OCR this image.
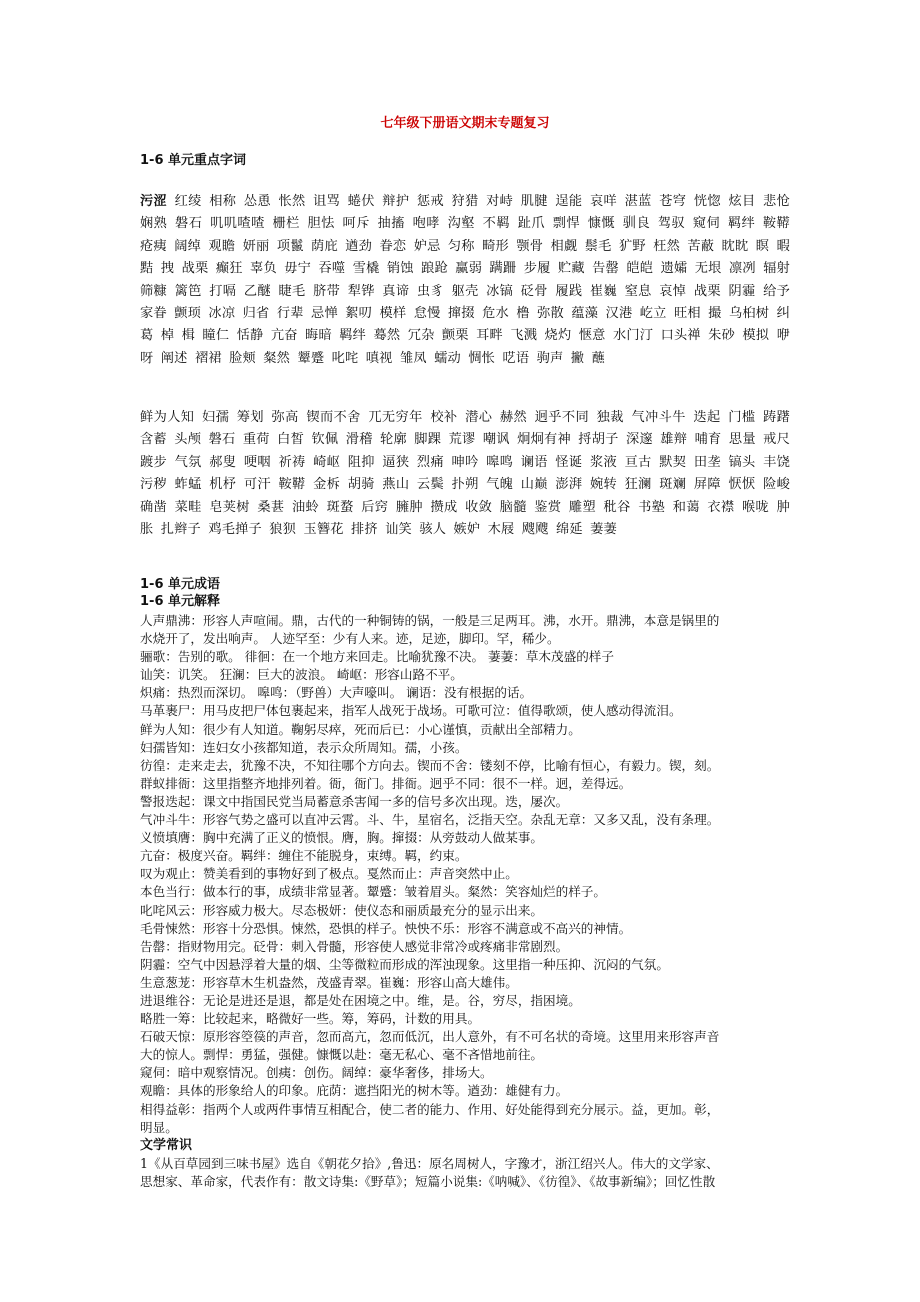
七年级下册语文期末专题复习
1-6 单元重点字词
污涩 红绫 相称 怂恿 怅然 诅骂 蜷伏 辩护 惩戒 狩猎 对峙 肌腱 逞能 哀咩 湛蓝 苍穹 恍惚 炫目 悲怆 娴熟 磐石 叽叽喳喳 栅栏 胆怯 呵斥 抽搐 咆哮 沟壑 不羁 趾爪 剽悍 慷慨 驯良 驾驭 窥伺 羁绊 鞍鞯 疮痍 阔绰 观瞻 妍丽 项鬣 荫庇 遒劲 眷恋 妒忌 匀称 畸形 颚骨 相觑 鬃毛 犷野 枉然 苦蔽 眈眈 瞑 暇 黠 拽 战栗 癫狂 辜负 毋宁 吞噬 雪橇 销蚀 踉跄 赢弱 蹒跚 步履 贮藏 告罄 皑皑 遗孀 无垠 凛冽 辐射 筛糠 篱笆 打嗝 乙醚 睫毛 脐带 犁铧 真谛 虫豸 躯壳 冰镐 砭骨 履践 崔巍 窒息 哀悼 战栗 阴霾 给予 家眷 颤顼 冰凉 归省 行辈 忌惮 絮叨 模样 怠慢 撺掇 危水 橹 弥散 蕴藻 汉港 屹立 旺相 撮 乌桕树 纠葛 棹 楫 瞳仁 恬静 亢奋 晦暗 羁绊 蓦然 冗杂 颤栗 耳畔 飞溅 烧灼 惬意 水门汀 口头禅 朱砂 模拟 咿呀 阐述 褶裙 脸颊 粲然 颦蹙 叱咤 嗔视 雏凤 蠕动 惆怅 呓语 驹声 撇 蘸
鲜为人知 妇孺 筹划 弥高 锲而不舍 兀无穷年 校补 潜心 赫然 迥乎不同 独裁 气冲斗牛 迭起 门槛 踌躇 含蓄 头颅 磐石 重荷 白皙 钦佩 滑稽 轮廓 脚踝 荒谬 嘲讽 炯炯有神 捋胡子 深邃 雄辩 哺育 思量 戒尺 踱步 气氛 郝叟 哽咽 祈祷 崎岖 阻抑 逼狭 烈痛 呻吟 嗥鸣 谰语 怪诞 浆液 亘古 默契 田垄 镐头 丰饶 污秽 蚱蜢 机杼 可汗 鞍鞯 金柝 胡骑 燕山 云鬓 扑朔 气魄 山巅 澎湃 婉转 狂澜 斑斓 屏障 恹恹 险峻 确凿 菜畦 皂荚树 桑葚 油蛉 斑蝥 后窍 臃肿 攒成 收敛 脑髓 鉴赏 雕塑 秕谷 书塾 和蔼 衣襟 喉咙 肿胀 扎辫子 鸡毛掸子 狼狈 玉簪花 排挤 讪笑 骇人 嫉妒 木屐 飕飕 绵延 萋萋
1-6 单元成语
1-6 单元解释
人声鼎沸：形容人声喧闹。鼎，古代的一种铜铸的锅，一般是三足两耳。沸，水开。鼎沸，本意是锅里的
水烧开了，发出响声。 人迹罕至：少有人来。迹，足迹，脚印。罕，稀少。
骊歌：告别的歌。 徘徊：在一个地方来回走。比喻犹豫不决。 萋萋：草木茂盛的样子
讪笑：讥笑。 狂澜：巨大的波浪。 崎岖：形容山路不平。
炽痛：热烈而深切。 嗥鸣：（野兽）大声嚎叫。 谰语：没有根据的话。
马革裹尸：用马皮把尸体包裹起来，指军人战死于战场。可歌可泣：值得歌颂，使人感动得流泪。
鲜为人知：很少有人知道。鞠躬尽瘁，死而后已：小心谨慎，贡献出全部精力。
妇孺皆知：连妇女小孩都知道，表示众所周知。孺，小孩。
彷徨：走来走去，犹豫不决，不知往哪个方向去。锲而不舍：镂刻不停，比喻有恒心，有毅力。锲，刻。
群蚁排衙：这里指整齐地排列着。衙，衙门。排衙。迥乎不同：很不一样。迥，差得远。
警报迭起：课文中指国民党当局蓄意杀害闻一多的信号多次出现。迭，屡次。
气冲斗牛：形容气势之盛可以直冲云霄。斗、牛，星宿名，泛指天空。杂乱无章：又多又乱，没有条理。
义愤填膺：胸中充满了正义的愤恨。膺，胸。撺掇：从旁鼓动人做某事。
亢奋：极度兴奋。羁绊：缠住不能脱身，束缚。羁，约束。
叹为观止：赞美看到的事物好到了极点。戛然而止：声音突然中止。
本色当行：做本行的事，成绩非常显著。颦蹙：皱着眉头。粲然：笑容灿烂的样子。
叱咤风云：形容威力极大。尽态极妍：使仪态和丽质最充分的显示出来。
毛骨悚然：形容十分恐惧。悚然，恐惧的样子。怏怏不乐：形容不满意或不高兴的神情。
告罄：指财物用完。砭骨：刺入骨髓，形容使人感觉非常冷或疼痛非常剧烈。
阴霾：空气中因悬浮着大量的烟、尘等微粒而形成的浑浊现象。这里指一种压抑、沉闷的气氛。
生意葱茏：形容草木生机盎然，茂盛青翠。崔巍：形容山高大雄伟。
进退维谷：无论是进还是退，都是处在困境之中。维，是。谷，穷尽，指困境。
略胜一筹：比较起来，略微好一些。筹，筹码，计数的用具。
石破天惊：原形容箜篌的声音，忽而高亢，忽而低沉，出人意外，有不可名状的奇境。这里用来形容声音
大的惊人。剽悍：勇猛，强健。慷慨以赴：毫无私心、毫不吝惜地前往。
窥伺：暗中观察情况。创痍：创伤。阔绰：豪华奢侈，排场大。
观瞻：具体的形象给人的印象。庇荫：遮挡阳光的树木等。遒劲：雄健有力。
相得益彰：指两个人或两件事情互相配合，使二者的能力、作用、好处能得到充分展示。益，更加。彰，
明显。
文学常识
1《从百草园到三味书屋》选自《朝花夕拾》,鲁迅：原名周树人，字豫才，浙江绍兴人。伟大的文学家、
思想家、革命家，代表作有：散文诗集:《野草》；短篇小说集:《呐喊》、《彷徨》、《故事新编》；回忆性散
